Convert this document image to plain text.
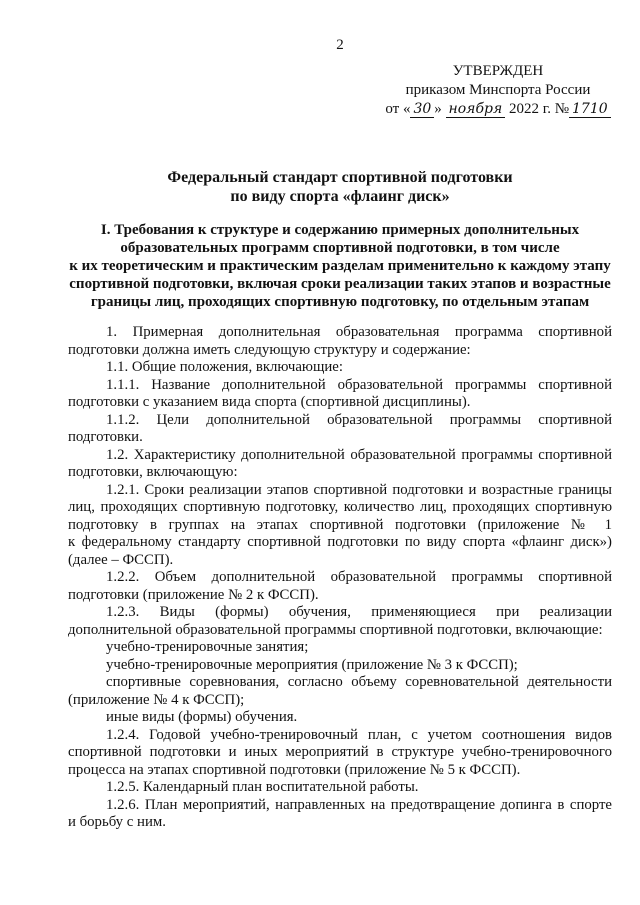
2
УТВЕРЖДЕН
приказом Минспорта России
от « 30 » ноября 2022 г. № 1710
Федеральный стандарт спортивной подготовки
по виду спорта «флаинг диск»
I. Требования к структуре и содержанию примерных дополнительных
образовательных программ спортивной подготовки, в том числе
к их теоретическим и практическим разделам применительно к каждому этапу
спортивной подготовки, включая сроки реализации таких этапов и возрастные
границы лиц, проходящих спортивную подготовку, по отдельным этапам
1. Примерная дополнительная образовательная программа спортивной
подготовки должна иметь следующую структуру и содержание:
1.1. Общие положения, включающие:
1.1.1. Название дополнительной образовательной программы спортивной
подготовки с указанием вида спорта (спортивной дисциплины).
1.1.2. Цели дополнительной образовательной программы спортивной
подготовки.
1.2. Характеристику дополнительной образовательной программы спортивной
подготовки, включающую:
1.2.1. Сроки реализации этапов спортивной подготовки и возрастные границы
лиц, проходящих спортивную подготовку, количество лиц, проходящих спортивную
подготовку в группах на этапах спортивной подготовки (приложение № 1
к федеральному стандарту спортивной подготовки по виду спорта «флаинг диск»)
(далее – ФССП).
1.2.2. Объем дополнительной образовательной программы спортивной
подготовки (приложение № 2 к ФССП).
1.2.3. Виды (формы) обучения, применяющиеся при реализации
дополнительной образовательной программы спортивной подготовки, включающие:
учебно-тренировочные занятия;
учебно-тренировочные мероприятия (приложение № 3 к ФССП);
спортивные соревнования, согласно объему соревновательной деятельности
(приложение № 4 к ФССП);
иные виды (формы) обучения.
1.2.4. Годовой учебно-тренировочный план, с учетом соотношения видов
спортивной подготовки и иных мероприятий в структуре учебно-тренировочного
процесса на этапах спортивной подготовки (приложение № 5 к ФССП).
1.2.5. Календарный план воспитательной работы.
1.2.6. План мероприятий, направленных на предотвращение допинга в спорте
и борьбу с ним.
